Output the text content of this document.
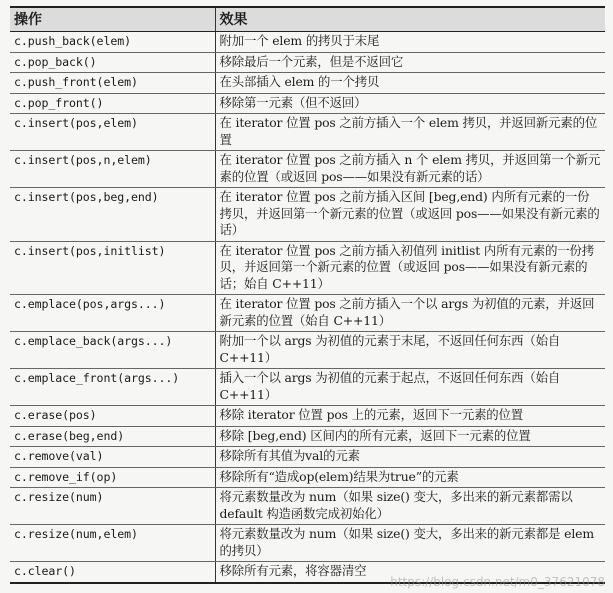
操作	效果
c.push_back(elem)	附加一个 elem 的拷贝于末尾
c.pop_back()	移除最后一个元素，但是不返回它
c.push_front(elem)	在头部插入 elem 的一个拷贝
c.pop_front()	移除第一元素（但不返回）
c.insert(pos,elem)	在 iterator 位置 pos 之前方插入一个 elem 拷贝，并返回新元素的位置
c.insert(pos,n,elem)	在 iterator 位置 pos 之前方插入 n 个 elem 拷贝，并返回第一个新元素的位置（或返回 pos——如果没有新元素的话）
c.insert(pos,beg,end)	在 iterator 位置 pos 之前方插入区间 [beg,end) 内所有元素的一份拷贝，并返回第一个新元素的位置（或返回 pos——如果没有新元素的话）
c.insert(pos,initlist)	在 iterator 位置 pos 之前方插入初值列 initlist 内所有元素的一份拷贝，并返回第一个新元素的位置（或返回 pos——如果没有新元素的话；始自 C++11）
c.emplace(pos,args...)	在 iterator 位置 pos 之前方插入一个以 args 为初值的元素，并返回新元素的位置（始自 C++11）
c.emplace_back(args...)	附加一个以 args 为初值的元素于末尾，不返回任何东西（始自 C++11）
c.emplace_front(args...)	插入一个以 args 为初值的元素于起点，不返回任何东西（始自 C++11）
c.erase(pos)	移除 iterator 位置 pos 上的元素，返回下一元素的位置
c.erase(beg,end)	移除 [beg,end) 区间内的所有元素，返回下一元素的位置
c.remove(val)	移除所有其值为val的元素
c.remove_if(op)	移除所有“造成op(elem)结果为true”的元素
c.resize(num)	将元素数量改为 num（如果 size() 变大，多出来的新元素都需以 default 构造函数完成初始化）
c.resize(num,elem)	将元素数量改为 num（如果 size() 变大，多出来的新元素都是 elem 的拷贝）
c.clear()	移除所有元素，将容器清空
https://blog.csdn.net/m0_37621078
